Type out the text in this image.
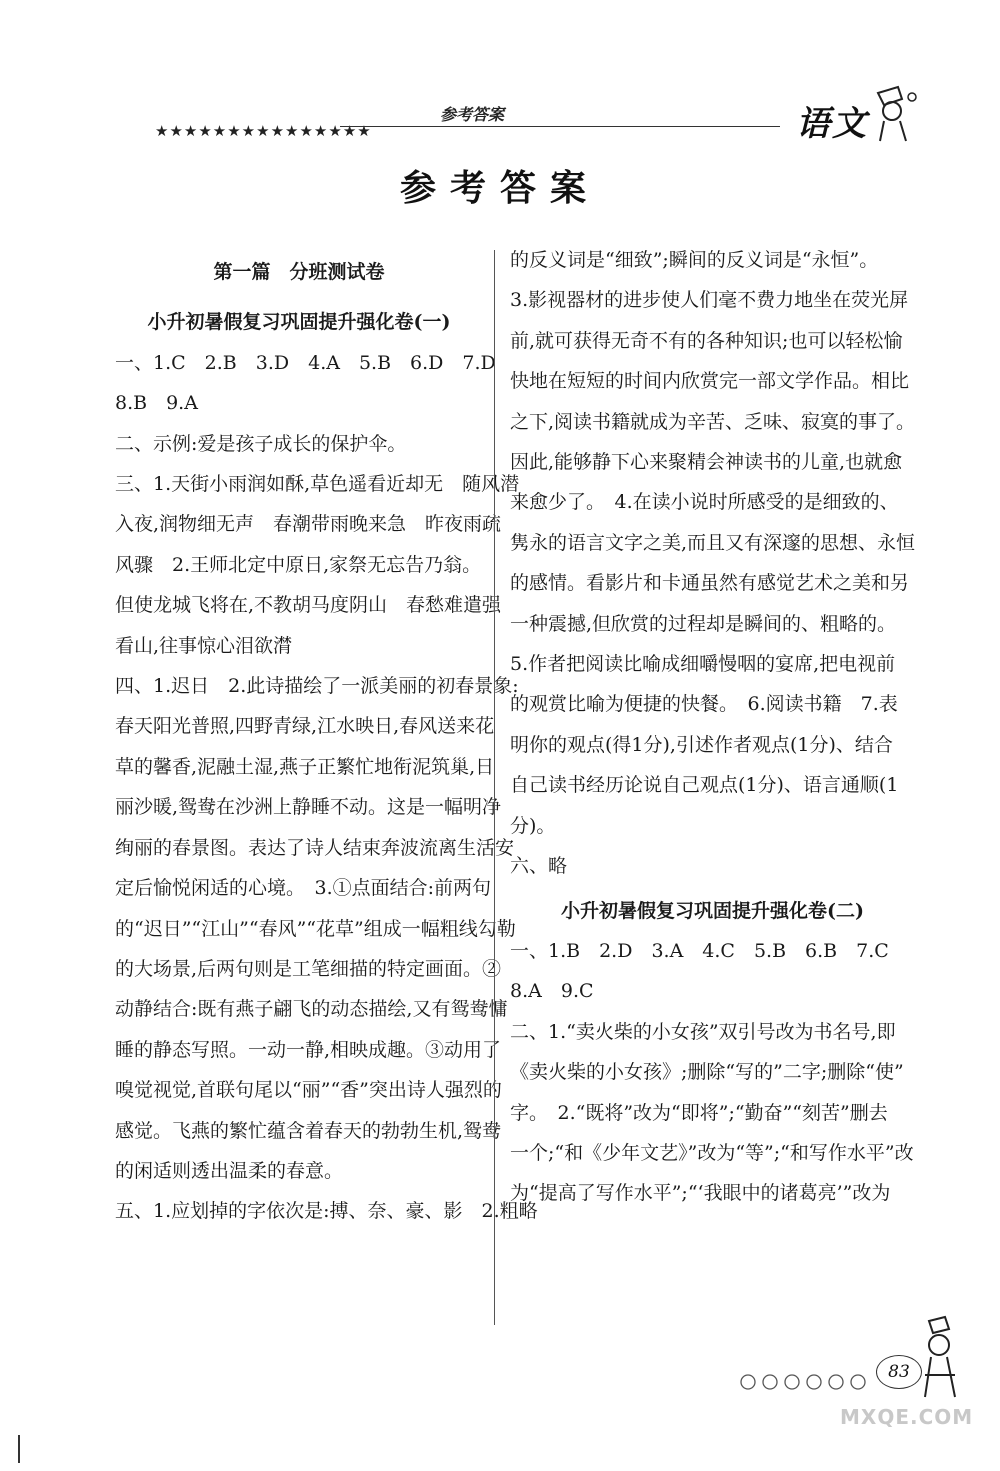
★★★★★★★★★★★★★★★
参考答案	语文
参考答案
第一篇　分班测试卷
小升初暑假复习巩固提升强化卷(一)
一、1.C　2.B　3.D　4.A　5.B　6.D　7.D
8.B　9.A
二、示例:爱是孩子成长的保护伞。
三、1.天街小雨润如酥,草色遥看近却无　随风潜
入夜,润物细无声　春潮带雨晚来急　昨夜雨疏
风骤　2.王师北定中原日,家祭无忘告乃翁。
但使龙城飞将在,不教胡马度阴山　春愁难遣强
看山,往事惊心泪欲潸
四、1.迟日　2.此诗描绘了一派美丽的初春景象:
春天阳光普照,四野青绿,江水映日,春风送来花
草的馨香,泥融土湿,燕子正繁忙地衔泥筑巢,日
丽沙暖,鸳鸯在沙洲上静睡不动。这是一幅明净
绚丽的春景图。表达了诗人结束奔波流离生活安
定后愉悦闲适的心境。　3.①点面结合:前两句
的“迟日”“江山”“春风”“花草”组成一幅粗线勾勒
的大场景,后两句则是工笔细描的特定画面。②
动静结合:既有燕子翩飞的动态描绘,又有鸳鸯慵
睡的静态写照。一动一静,相映成趣。③动用了
嗅觉视觉,首联句尾以“丽”“香”突出诗人强烈的
感觉。飞燕的繁忙蕴含着春天的勃勃生机,鸳鸯
的闲适则透出温柔的春意。
五、1.应划掉的字依次是:搏、奈、豪、影　2.粗略
的反义词是“细致”;瞬间的反义词是“永恒”。
3.影视器材的进步使人们毫不费力地坐在荧光屏
前,就可获得无奇不有的各种知识;也可以轻松愉
快地在短短的时间内欣赏完一部文学作品。相比
之下,阅读书籍就成为辛苦、乏味、寂寞的事了。
因此,能够静下心来聚精会神读书的儿童,也就愈
来愈少了。　4.在读小说时所感受的是细致的、
隽永的语言文字之美,而且又有深邃的思想、永恒
的感情。看影片和卡通虽然有感觉艺术之美和另
一种震撼,但欣赏的过程却是瞬间的、粗略的。
5.作者把阅读比喻成细嚼慢咽的宴席,把电视前
的观赏比喻为便捷的快餐。　6.阅读书籍　7.表
明你的观点(得1分),引述作者观点(1分)、结合
自己读书经历论说自己观点(1分)、语言通顺(1
分)。
六、略
小升初暑假复习巩固提升强化卷(二)
一、1.B　2.D　3.A　4.C　5.B　6.B　7.C
8.A　9.C
二、1.“卖火柴的小女孩”双引号改为书名号,即
《卖火柴的小女孩》;删除“写的”二字;删除“使”
字。　2.“既将”改为“即将”;“勤奋”“刻苦”删去
一个;“和《少年文艺》”改为“等”;“和写作水平”改
为“提高了写作水平”;“‘我眼中的诸葛亮’”改为
83
MXQE.COM
